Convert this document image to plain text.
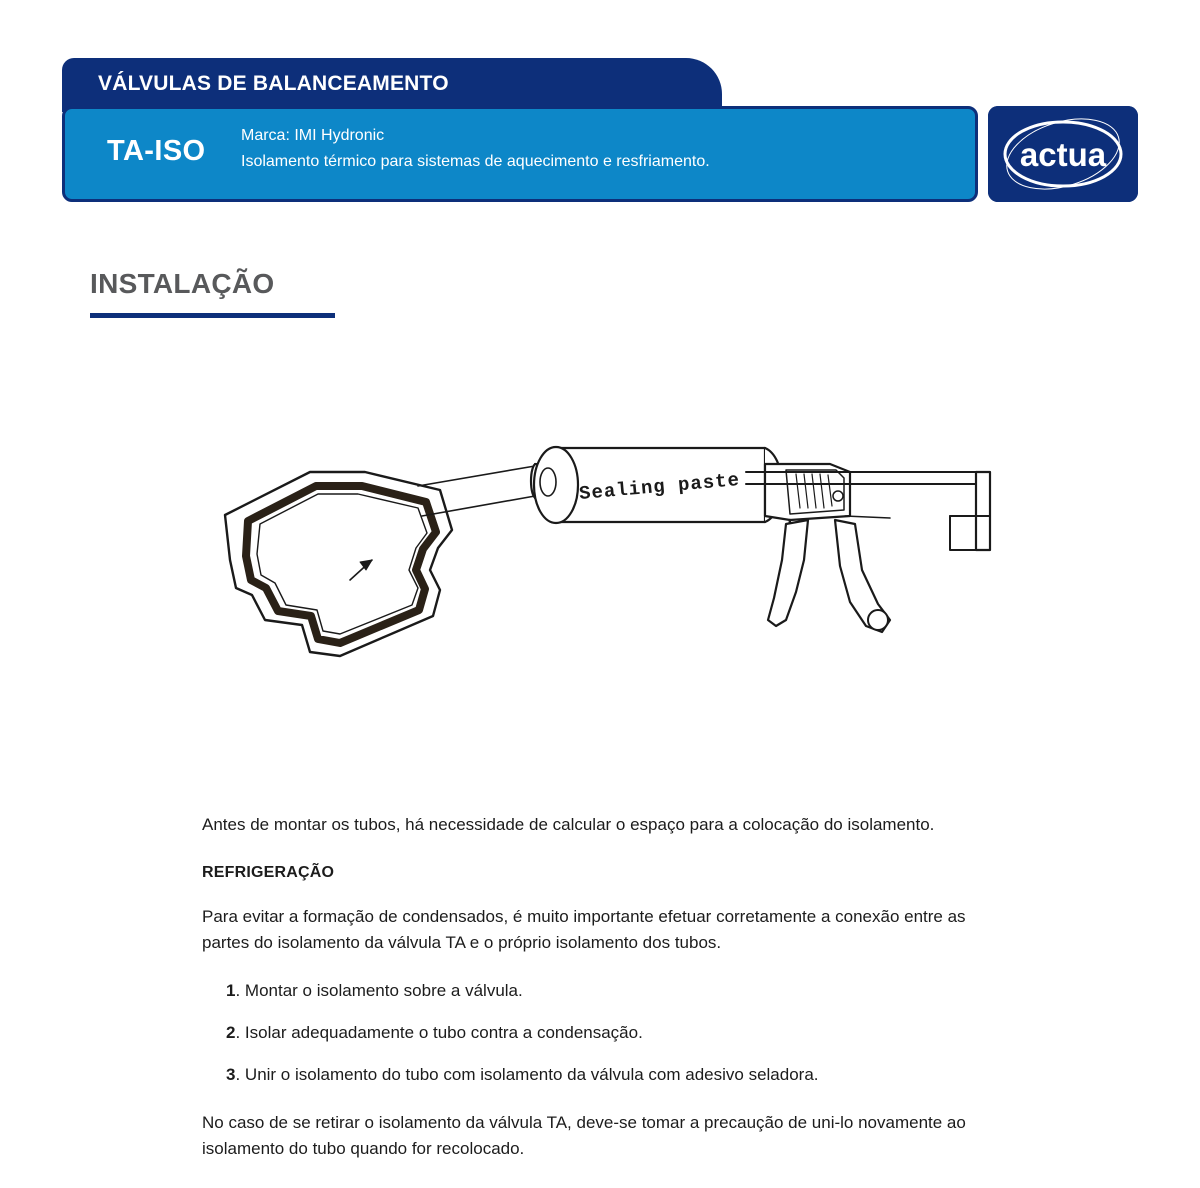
VÁLVULAS DE BALANCEAMENTO
TA-ISO Marca: IMI Hydronic
Isolamento térmico para sistemas de aquecimento e resfriamento.	actua
INSTALAÇÃO
Sealing paste

Antes de montar os tubos, há necessidade de calcular o espaço para a colocação do isolamento.

REFRIGERAÇÃO

Para evitar a formação de condensados, é muito importante efetuar corretamente a conexão entre as partes do isolamento da válvula TA e o próprio isolamento dos tubos.

1. Montar o isolamento sobre a válvula.
2. Isolar adequadamente o tubo contra a condensação.
3. Unir o isolamento do tubo com isolamento da válvula com adesivo seladora.

No caso de se retirar o isolamento da válvula TA, deve-se tomar a precaução de uni-lo novamente ao isolamento do tubo quando for recolocado.
